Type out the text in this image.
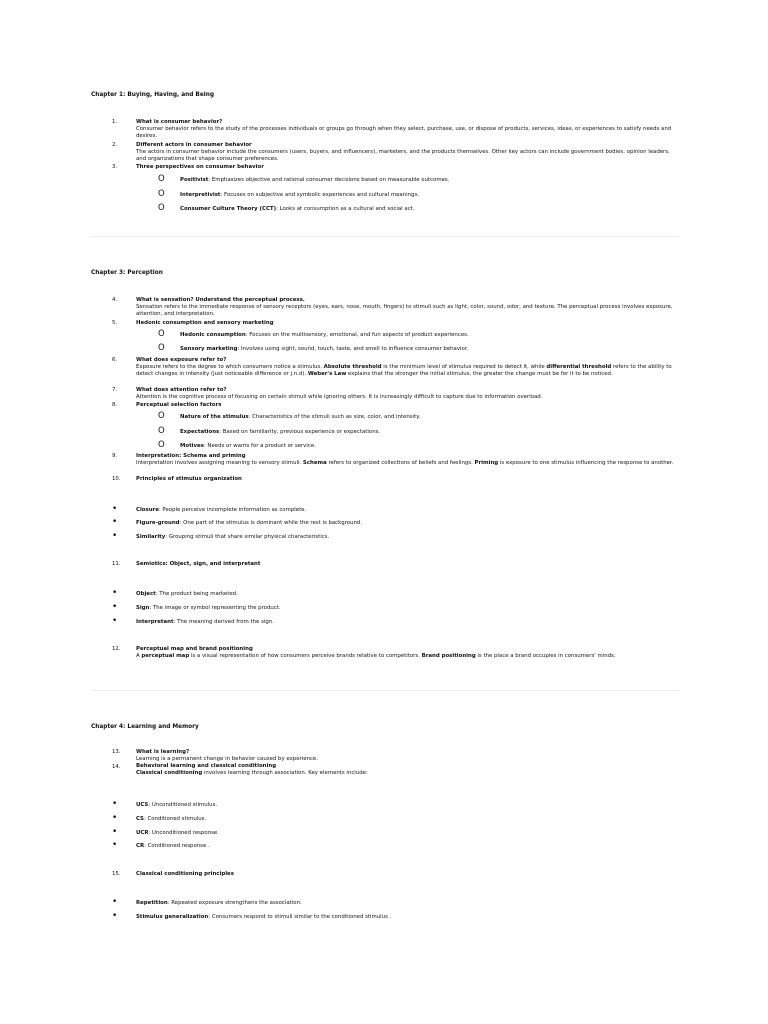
Chapter 1: Buying, Having, and Being
1.	What is consumer behavior?
Consumer behavior refers to the study of the processes individuals or groups go through when they select, purchase, use, or dispose of products, services, ideas, or experiences to satisfy needs and desires.
2.	Different actors in consumer behavior
The actors in consumer behavior include the consumers (users, buyers, and influencers), marketers, and the products themselves. Other key actors can include government bodies, opinion leaders, and organizations that shape consumer preferences.
3.	Three perspectives on consumer behavior
O	Positivist: Emphasizes objective and rational consumer decisions based on measurable outcomes.
O	Interpretivist: Focuses on subjective and symbolic experiences and cultural meanings.
O	Consumer Culture Theory (CCT): Looks at consumption as a cultural and social act.
Chapter 3: Perception
4.	What is sensation? Understand the perceptual process.
Sensation refers to the immediate response of sensory receptors (eyes, ears, nose, mouth, fingers) to stimuli such as light, color, sound, odor, and texture. The perceptual process involves exposure, attention, and interpretation.
5.	Hedonic consumption and sensory marketing
O	Hedonic consumption: Focuses on the multisensory, emotional, and fun aspects of product experiences.
O	Sensory marketing: Involves using sight, sound, touch, taste, and smell to influence consumer behavior.
6.	What does exposure refer to?
Exposure refers to the degree to which consumers notice a stimulus. Absolute threshold is the minimum level of stimulus required to detect it, while differential threshold refers to the ability to detect changes in intensity (just noticeable difference or j.n.d). Weber's Law explains that the stronger the initial stimulus, the greater the change must be for it to be noticed.
7.	What does attention refer to?
Attention is the cognitive process of focusing on certain stimuli while ignoring others. It is increasingly difficult to capture due to information overload.
8.	Perceptual selection factors
O	Nature of the stimulus: Characteristics of the stimuli such as size, color, and intensity.
O	Expectations: Based on familiarity, previous experience or expectations.
O	Motives: Needs or wants for a product or service.
9.	Interpretation: Schema and priming
Interpretation involves assigning meaning to sensory stimuli. Schema refers to organized collections of beliefs and feelings. Priming is exposure to one stimulus influencing the response to another.
10.	Principles of stimulus organization
•	Closure: People perceive incomplete information as complete.
•	Figure-ground: One part of the stimulus is dominant while the rest is background.
•	Similarity: Grouping stimuli that share similar physical characteristics.
11.	Semiotics: Object, sign, and interpretant
•	Object: The product being marketed.
•	Sign: The image or symbol representing the product.
•	Interpretant: The meaning derived from the sign.
12.	Perceptual map and brand positioning
A perceptual map is a visual representation of how consumers perceive brands relative to competitors. Brand positioning is the place a brand occupies in consumers' minds.
Chapter 4: Learning and Memory
13.	What is learning?
Learning is a permanent change in behavior caused by experience.
14.	Behavioral learning and classical conditioning
Classical conditioning involves learning through association. Key elements include:
•	UCS: Unconditioned stimulus.
•	CS: Conditioned stimulus.
•	UCR: Unconditioned response.
•	CR: Conditioned response .
15.	Classical conditioning principles
•	Repetition: Repeated exposure strengthens the association.
•	Stimulus generalization: Consumers respond to stimuli similar to the conditioned stimulus .
